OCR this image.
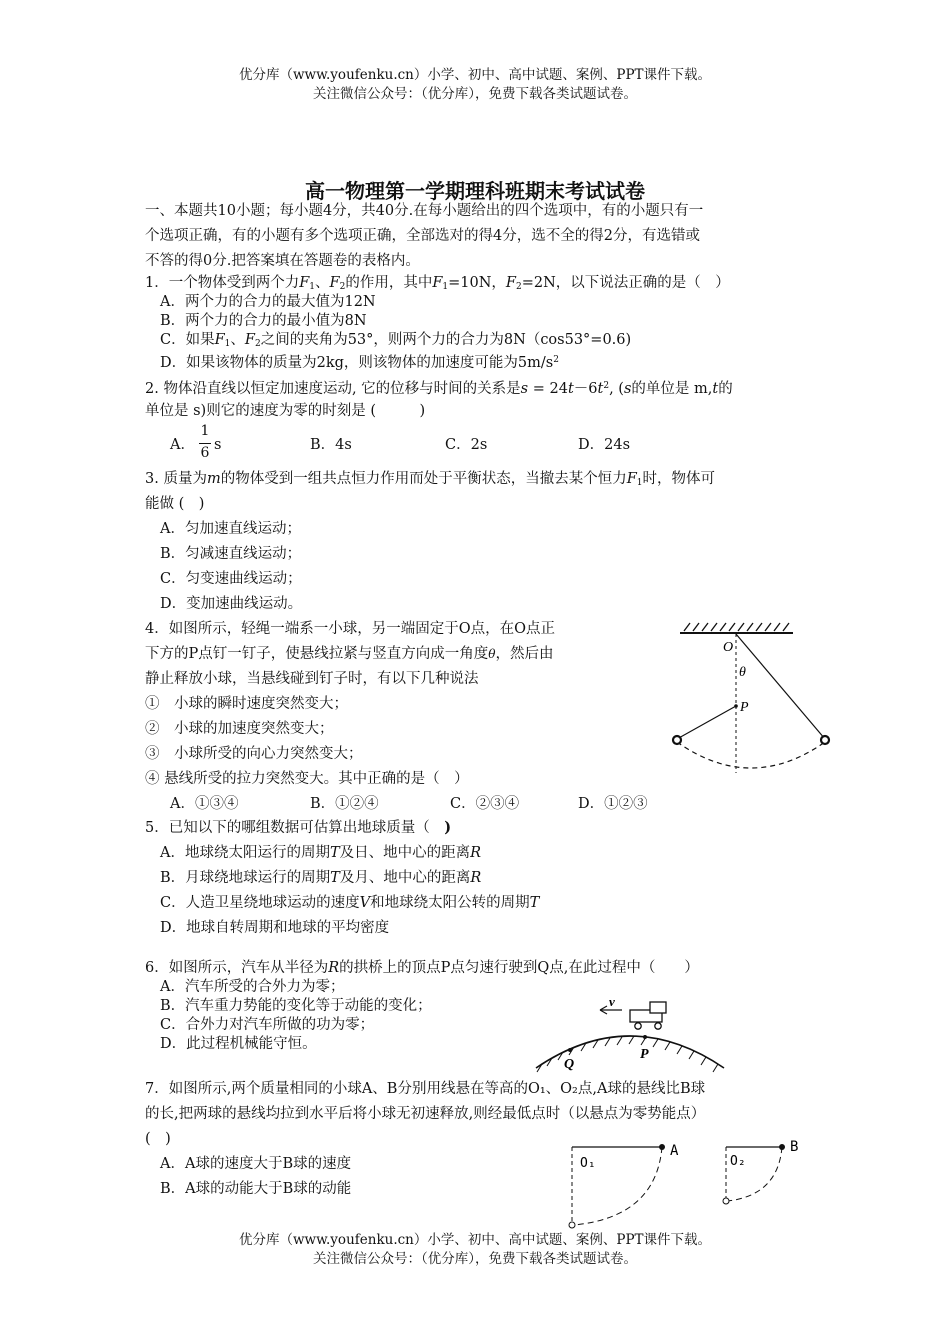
优分库（www.youfenku.cn）小学、初中、高中试题、案例、PPT课件下载。
关注微信公众号：（优分库），免费下载各类试题试卷。
高一物理第一学期理科班期末考试试卷
一、本题共10小题；每小题4分，共40分.在每小题给出的四个选项中，有的小题只有一
个选项正确，有的小题有多个选项正确，全部选对的得4分，选不全的得2分，有选错或
不答的得0分.把答案填在答题卷的表格内。
1．一个物体受到两个力$F_1$、$F_2$的作用，其中$F_1=10N$，$F_2=2N$，以下说法正确的是（　）
A．两个力的合力的最大值为12N
B．两个力的合力的最小值为8N
C．如果$F_1$、$F_2$之间的夹角为53°，则两个力的合力为8N（cos53°=0.6)
D．如果该物体的质量为2kg，则该物体的加速度可能为$5m/s^2$
2. 物体沿直线以恒定加速度运动, 它的位移与时间的关系是$s = 24t-6t^2$, (s的单位是 m,t的
单位是 s)则它的速度为零的时刻是 (　　　)
A．
1
6 s	B．4s	C．2s	D．24s
3. 质量为m的物体受到一组共点恒力作用而处于平衡状态，当撤去某个恒力$F_1$时，物体可
能做 (　)
A．匀加速直线运动；
B．匀减速直线运动；
C．匀变速曲线运动；
D．变加速曲线运动。
4．如图所示，轻绳一端系一小球，另一端固定于O点，在O点正
下方的P点钉一钉子，使悬线拉紧与竖直方向成一角度θ，然后由
静止释放小球，当悬线碰到钉子时，有以下几种说法
①　小球的瞬时速度突然变大；
②　小球的加速度突然变大；
③　小球所受的向心力突然变大；
④ 悬线所受的拉力突然变大。其中正确的是（　）
A．①③④	B．①②④	C．②③④	D．①②③
O
θ
P
5．已知以下的哪组数据可估算出地球质量（　)
A．地球绕太阳运行的周期T及日、地中心的距离R
B．月球绕地球运行的周期T及月、地中心的距离R
C．人造卫星绕地球运动的速度V和地球绕太阳公转的周期T
D．地球自转周期和地球的平均密度
6．如图所示，汽车从半径为R的拱桥上的顶点P点匀速行驶到Q点,在此过程中（　　）
A．汽车所受的合外力为零；
B．汽车重力势能的变化等于动能的变化；
C．合外力对汽车所做的功为零；
D．此过程机械能守恒。
v
Q
P
7．如图所示,两个质量相同的小球A、B分别用线悬在等高的O₁、O₂点,A球的悬线比B球
的长,把两球的悬线均拉到水平后将小球无初速释放,则经最低点时（以悬点为零势能点）
(　)
A．A球的速度大于B球的速度
B．A球的动能大于B球的动能
O₁
A
O₂
B
优分库（www.youfenku.cn）小学、初中、高中试题、案例、PPT课件下载。
关注微信公众号：（优分库），免费下载各类试题试卷。
